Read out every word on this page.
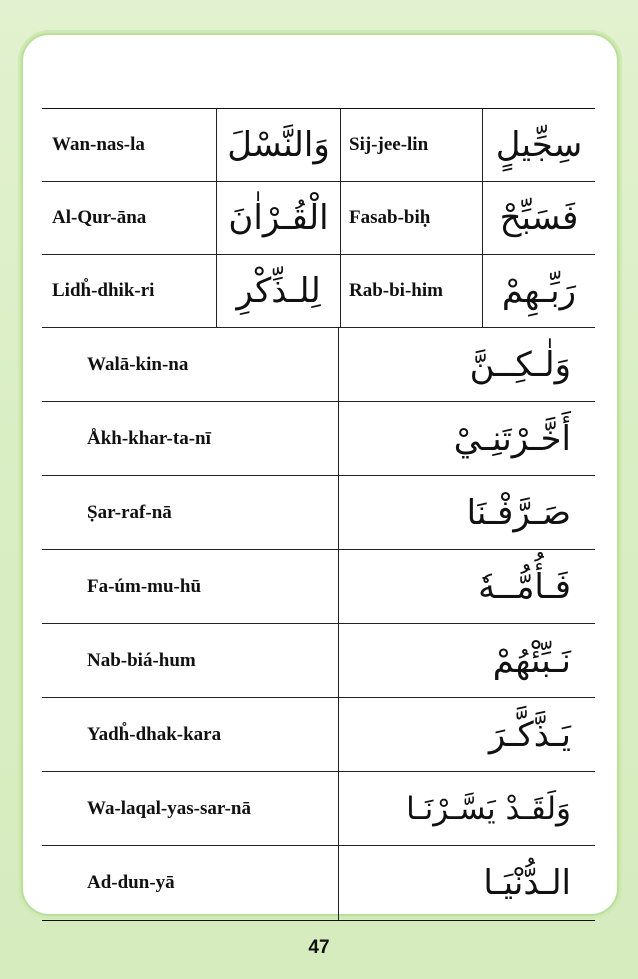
Wan-nas-la وَالنَّسْلَ Sij-jee-lin سِجِّيلٍ
Al-Qur-āna الْقُـرْاٰنَ Fasab-biḥ فَسَبِّحْ
Lidh̊-dhik-ri لِلـذِّكْرِ Rab-bi-him رَبِّـهِمْ
Walā-kin-na	وَلٰـكِــنَّ
Åkh-khar-ta-nī	أَخَّـرْتَنِـيْ
Ṣar-raf-nā	صَـرَّفْـنَا
Fa-úm-mu-hū	فَـأُمُّــهٗ
Nab-biá-hum	نَـبِّئْهُمْ
Yadh̊-dhak-kara	يَـذَّكَّـرَ
Wa-laqal-yas-sar-nā	وَلَقَـدْ يَسَّـرْنَـا
Ad-dun-yā	الـدُّنْيَـا
47
